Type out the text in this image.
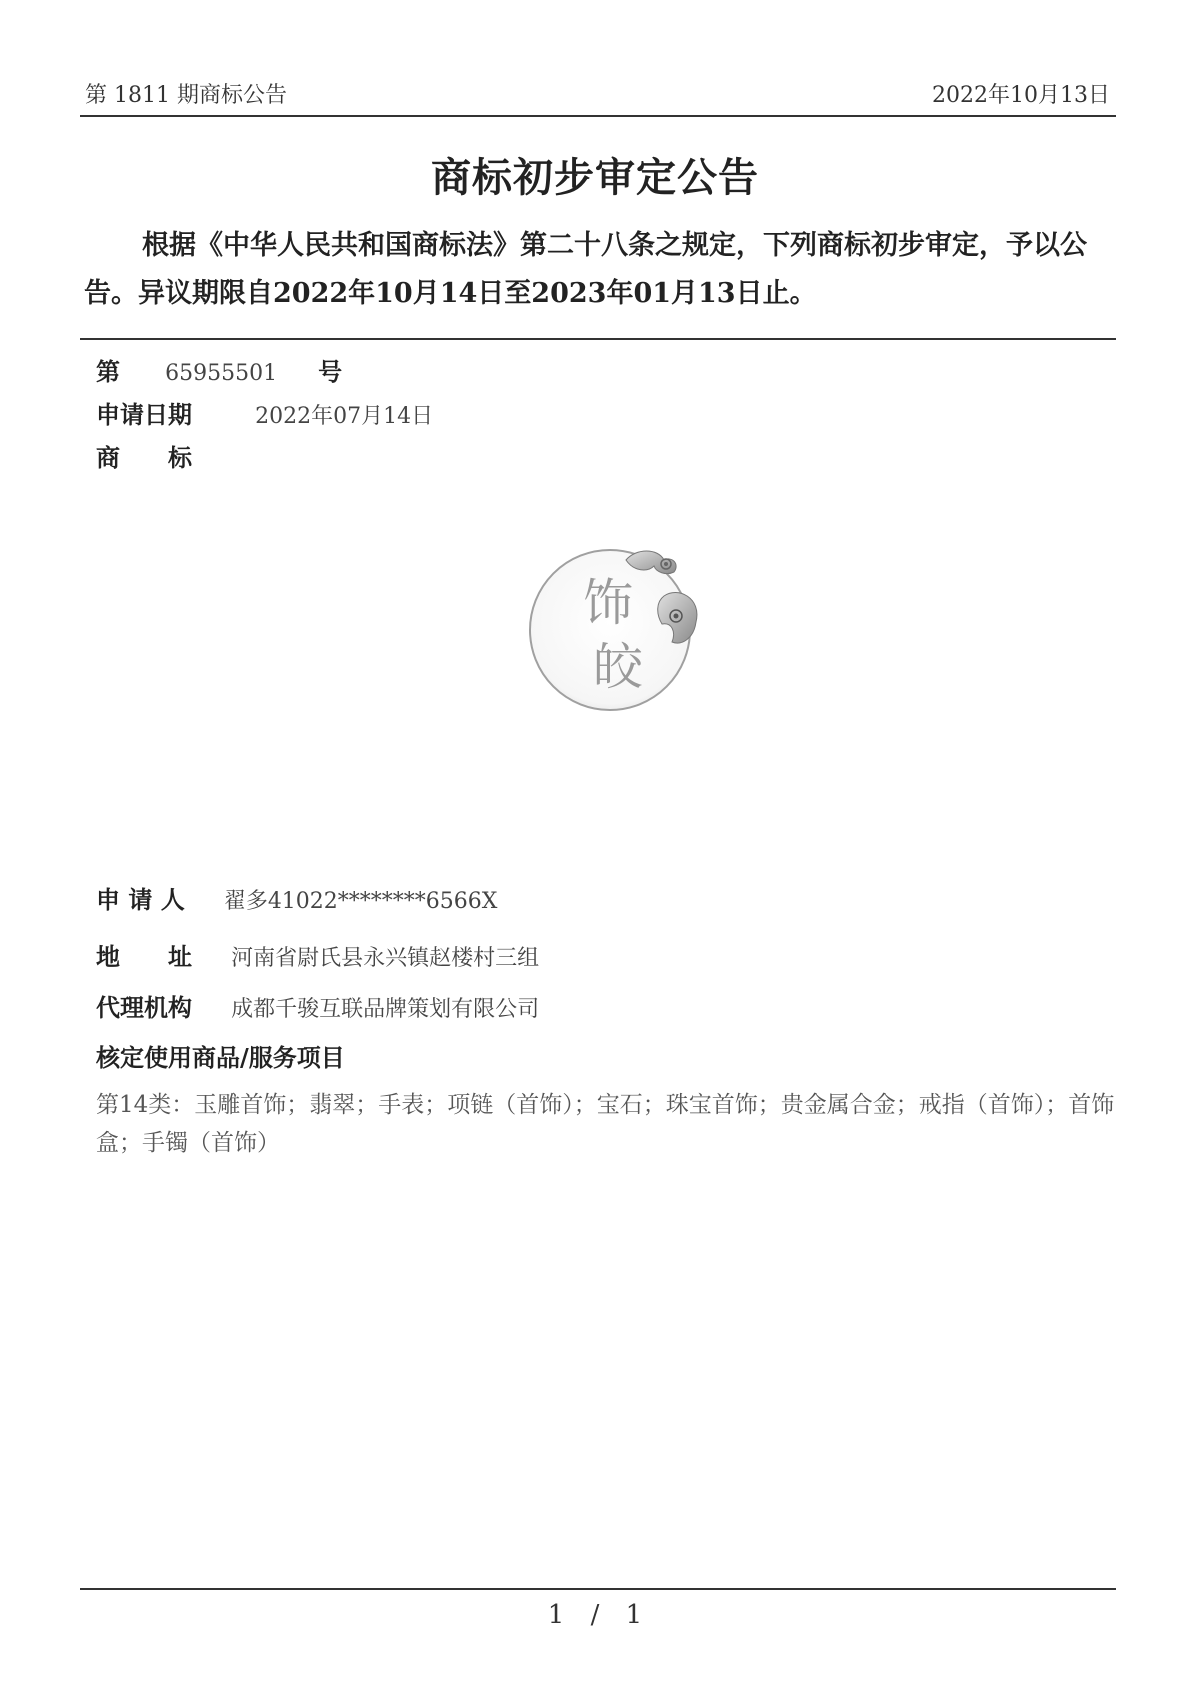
第 1811 期商标公告	2022年10月13日
商标初步审定公告
根据《中华人民共和国商标法》第二十八条之规定，下列商标初步审定，予以公告。异议期限自2022年10月14日至2023年01月13日止。
第 65955501 号
申请日期	2022年07月14日
商　　标
饰
皎
申 请 人 翟多41022********6566X
地　　址 河南省尉氏县永兴镇赵楼村三组
代理机构 成都千骏互联品牌策划有限公司
核定使用商品/服务项目
第14类：玉雕首饰；翡翠；手表；项链（首饰）；宝石；珠宝首饰；贵金属合金；戒指（首饰）；首饰盒；手镯（首饰）
1 / 1
